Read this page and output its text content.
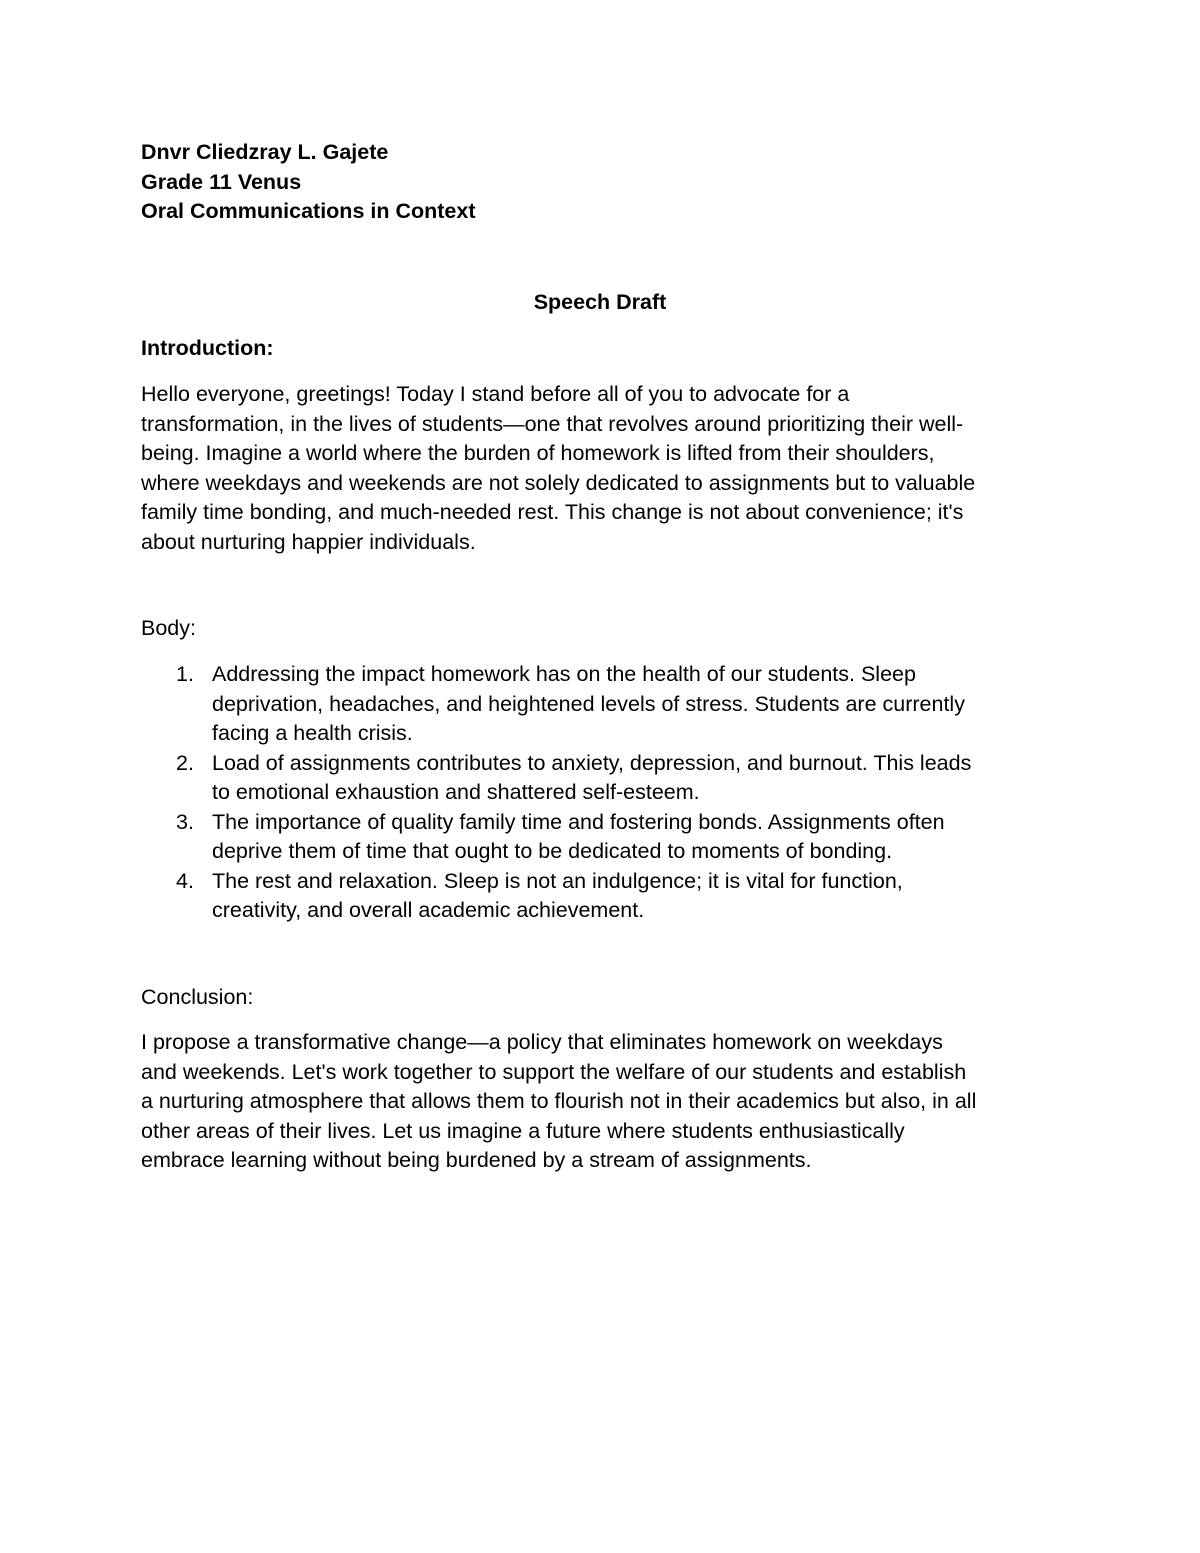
Dnvr Cliedzray L. Gajete

Grade 11 Venus

Oral Communications in Context

Speech Draft

Introduction:

Hello everyone, greetings! Today I stand before all of you to advocate for a
transformation, in the lives of students—one that revolves around prioritizing their well-
being. Imagine a world where the burden of homework is lifted from their shoulders,
where weekdays and weekends are not solely dedicated to assignments but to valuable
family time bonding, and much-needed rest. This change is not about convenience; it's
about nurturing happier individuals.

Body:

1. Addressing the impact homework has on the health of our students. Sleep
deprivation, headaches, and heightened levels of stress. Students are currently
facing a health crisis.
2. Load of assignments contributes to anxiety, depression, and burnout. This leads
to emotional exhaustion and shattered self-esteem.
3. The importance of quality family time and fostering bonds. Assignments often
deprive them of time that ought to be dedicated to moments of bonding.
4. The rest and relaxation. Sleep is not an indulgence; it is vital for function,
creativity, and overall academic achievement.

Conclusion:

I propose a transformative change—a policy that eliminates homework on weekdays
and weekends. Let's work together to support the welfare of our students and establish
a nurturing atmosphere that allows them to flourish not in their academics but also, in all
other areas of their lives. Let us imagine a future where students enthusiastically
embrace learning without being burdened by a stream of assignments.
